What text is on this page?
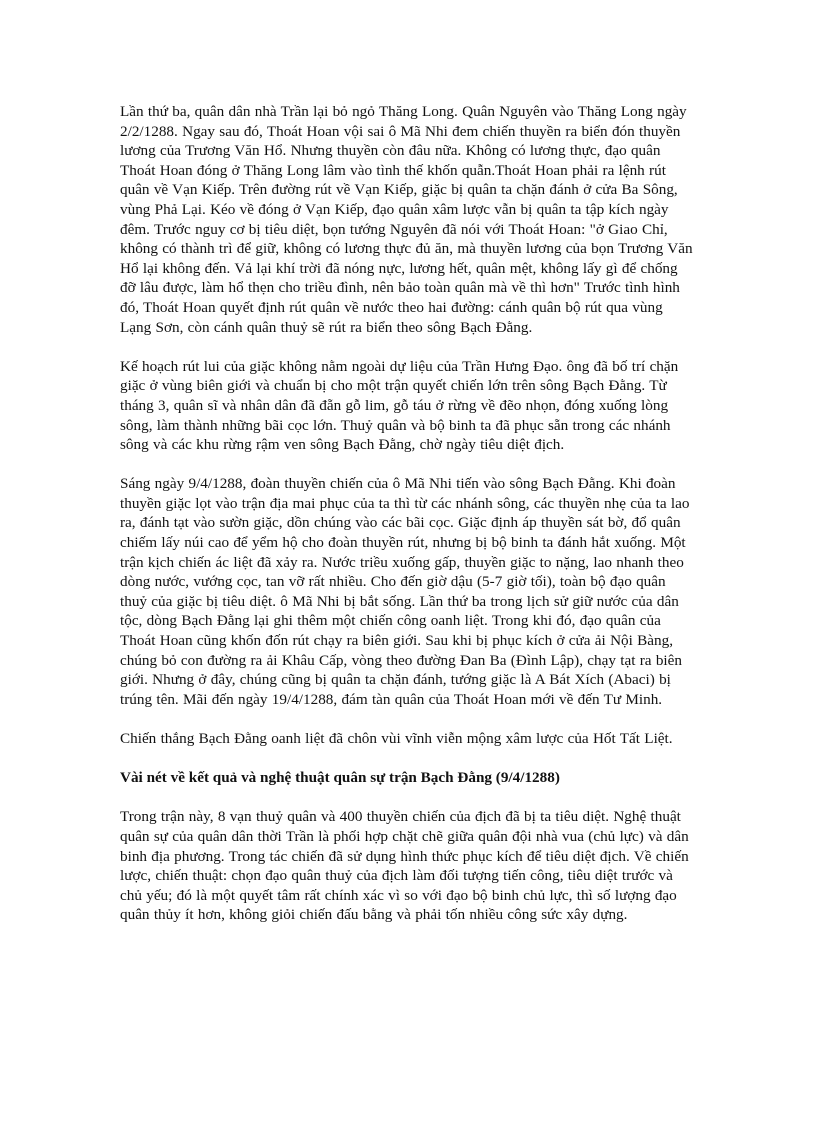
Lần thứ ba, quân dân nhà Trần lại bỏ ngỏ Thăng Long. Quân Nguyên vào Thăng Long ngày 2/2/1288. Ngay sau đó, Thoát Hoan vội sai ô Mã Nhi đem chiến thuyền ra biển đón thuyền lương của Trương Văn Hổ. Nhưng thuyền còn đâu nữa. Không có lương thực, đạo quân Thoát Hoan đóng ở Thăng Long lâm vào tình thế khốn quẫn.Thoát Hoan phải ra lệnh rút quân về Vạn Kiếp. Trên đường rút về Vạn Kiếp, giặc bị quân ta chặn đánh ở cửa Ba Sông, vùng Phả Lại. Kéo về đóng ở Vạn Kiếp, đạo quân xâm lược vẫn bị quân ta tập kích ngày đêm. Trước nguy cơ bị tiêu diệt, bọn tướng Nguyên đã nói với Thoát Hoan: "ở Giao Chỉ, không có thành trì để giữ, không có lương thực đủ ăn, mà thuyền lương của bọn Trương Văn Hổ lại không đến. Vả lại khí trời đã nóng nực, lương hết, quân mệt, không lấy gì để chống đỡ lâu được, làm hổ thẹn cho triều đình, nên bảo toàn quân mà về thì hơn" Trước tình hình đó, Thoát Hoan quyết định rút quân về nước theo hai đường: cánh quân bộ rút qua vùng Lạng Sơn, còn cánh quân thuỷ sẽ rút ra biển theo sông Bạch Đằng.

Kế hoạch rút lui của giặc không nằm ngoài dự liệu của Trần Hưng Đạo. ông đã bố trí chặn giặc ở vùng biên giới và chuẩn bị cho một trận quyết chiến lớn trên sông Bạch Đằng. Từ tháng 3, quân sĩ và nhân dân đã đẵn gỗ lim, gỗ táu ở rừng về đẽo nhọn, đóng xuống lòng sông, làm thành những bãi cọc lớn. Thuỷ quân và bộ binh ta đã phục sẵn trong các nhánh sông và các khu rừng rậm ven sông Bạch Đằng, chờ ngày tiêu diệt địch.

Sáng ngày 9/4/1288, đoàn thuyền chiến của ô Mã Nhi tiến vào sông Bạch Đằng. Khi đoàn thuyền giặc lọt vào trận địa mai phục của ta thì từ các nhánh sông, các thuyền nhẹ của ta lao ra, đánh tạt vào sườn giặc, dồn chúng vào các bãi cọc. Giặc định áp thuyền sát bờ, đổ quân chiếm lấy núi cao để yểm hộ cho đoàn thuyền rút, nhưng bị bộ binh ta đánh hắt xuống. Một trận kịch chiến ác liệt đã xảy ra. Nước triều xuống gấp, thuyền giặc to nặng, lao nhanh theo dòng nước, vướng cọc, tan vỡ rất nhiều. Cho đến giờ dậu (5-7 giờ tối), toàn bộ đạo quân thuỷ của giặc bị tiêu diệt. ô Mã Nhi bị bắt sống. Lần thứ ba trong lịch sử giữ nước của dân tộc, dòng Bạch Đằng lại ghi thêm một chiến công oanh liệt. Trong khi đó, đạo quân của Thoát Hoan cũng khốn đốn rút chạy ra biên giới. Sau khi bị phục kích ở cửa ải Nội Bàng, chúng bỏ con đường ra ải Khâu Cấp, vòng theo đường Đan Ba (Đình Lập), chạy tạt ra biên giới. Nhưng ở đây, chúng cũng bị quân ta chặn đánh, tướng giặc là A Bát Xích (Abaci) bị trúng tên. Mãi đến ngày 19/4/1288, đám tàn quân của Thoát Hoan mới về đến Tư Minh.

Chiến thắng Bạch Đằng oanh liệt đã chôn vùi vĩnh viễn mộng xâm lược của Hốt Tất Liệt.

Vài nét về kết quả và nghệ thuật quân sự trận Bạch Đằng (9/4/1288)

Trong trận này, 8 vạn thuỷ quân và 400 thuyền chiến của địch đã bị ta tiêu diệt. Nghệ thuật quân sự của quân dân thời Trần là phối hợp chặt chẽ giữa quân đội nhà vua (chủ lực) và dân binh địa phương. Trong tác chiến đã sử dụng hình thức phục kích để tiêu diệt địch. Về chiến lược, chiến thuật: chọn đạo quân thuỷ của địch làm đối tượng tiến công, tiêu diệt trước và chủ yếu; đó là một quyết tâm rất chính xác vì so với đạo bộ binh chủ lực, thì số lượng đạo quân thủy ít hơn, không giỏi chiến đấu bằng và phải tốn nhiều công sức xây dựng.
